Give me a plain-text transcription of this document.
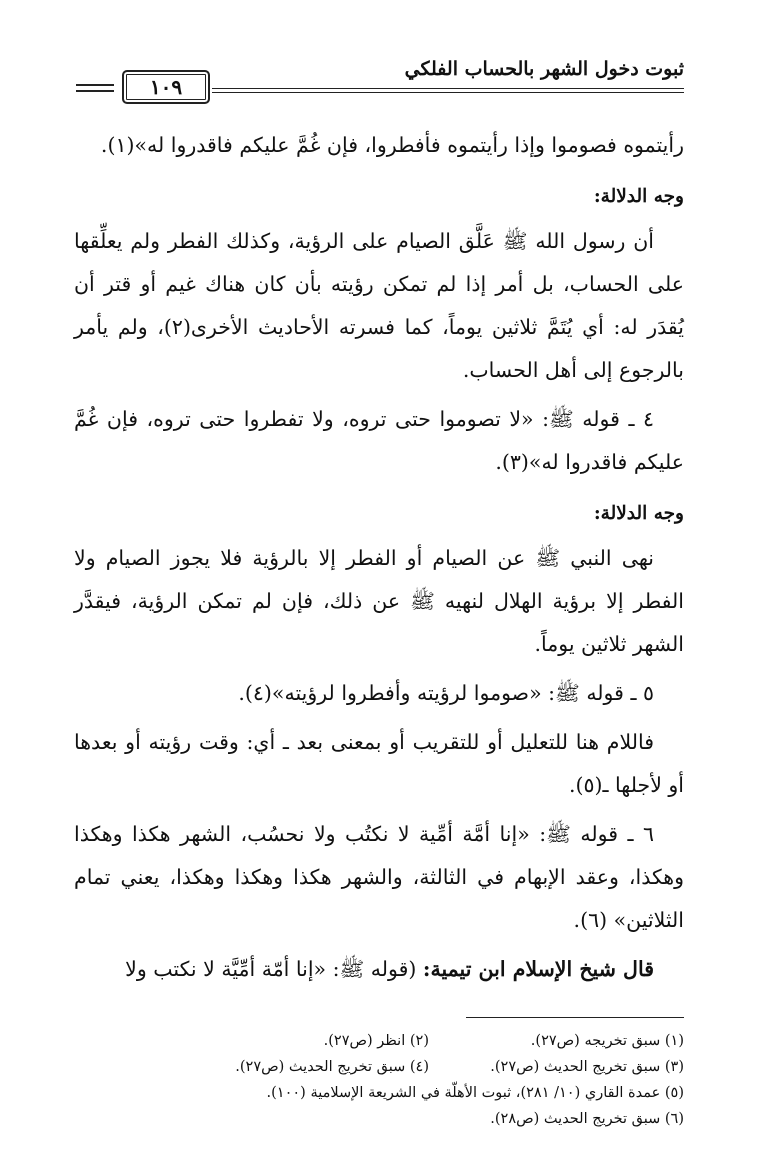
ثبوت دخول الشهر بالحساب الفلكي
١٠٩

رأيتموه فصوموا وإذا رأيتموه فأفطروا، فإن غُمَّ عليكم فاقدروا له»(١).

وجه الدلالة:

أن رسول الله ﷺ عَلَّق الصيام على الرؤية، وكذلك الفطر ولم يعلِّقها على الحساب، بل أمر إذا لم تمكن رؤيته بأن كان هناك غيم أو قتر أن يُقدَر له: أي يُتَمَّ ثلاثين يوماً، كما فسرته الأحاديث الأخرى(٢)، ولم يأمر بالرجوع إلى أهل الحساب.

٤ ـ قوله ﷺ: «لا تصوموا حتى تروه، ولا تفطروا حتى تروه، فإن غُمَّ عليكم فاقدروا له»(٣).

وجه الدلالة:

نهى النبي ﷺ عن الصيام أو الفطر إلا بالرؤية فلا يجوز الصيام ولا الفطر إلا برؤية الهلال لنهيه ﷺ عن ذلك، فإن لم تمكن الرؤية، فيقدَّر الشهر ثلاثين يوماً.

٥ ـ قوله ﷺ: «صوموا لرؤيته وأفطروا لرؤيته»(٤).

فاللام هنا للتعليل أو للتقريب أو بمعنى بعد ـ أي: وقت رؤيته أو بعدها أو لأجلها ـ(٥).

٦ ـ قوله ﷺ: «إنا أمَّة أمِّية لا نكتُب ولا نحسُب، الشهر هكذا وهكذا وهكذا، وعقد الإبهام في الثالثة، والشهر هكذا وهكذا وهكذا، يعني تمام الثلاثين» (٦).

قال شيخ الإسلام ابن تيمية: (قوله ﷺ: «إنا أمّة أمِّيَّة لا نكتب ولا

(١) سبق تخريجه (ص٢٧).
(٢) انظر (ص٢٧).
(٣) سبق تخريج الحديث (ص٢٧).
(٤) سبق تخريج الحديث (ص٢٧).
(٥) عمدة القاري (١٠/ ٢٨١)، ثبوت الأهلّة في الشريعة الإسلامية (١٠٠).
(٦) سبق تخريج الحديث (ص٢٨).
